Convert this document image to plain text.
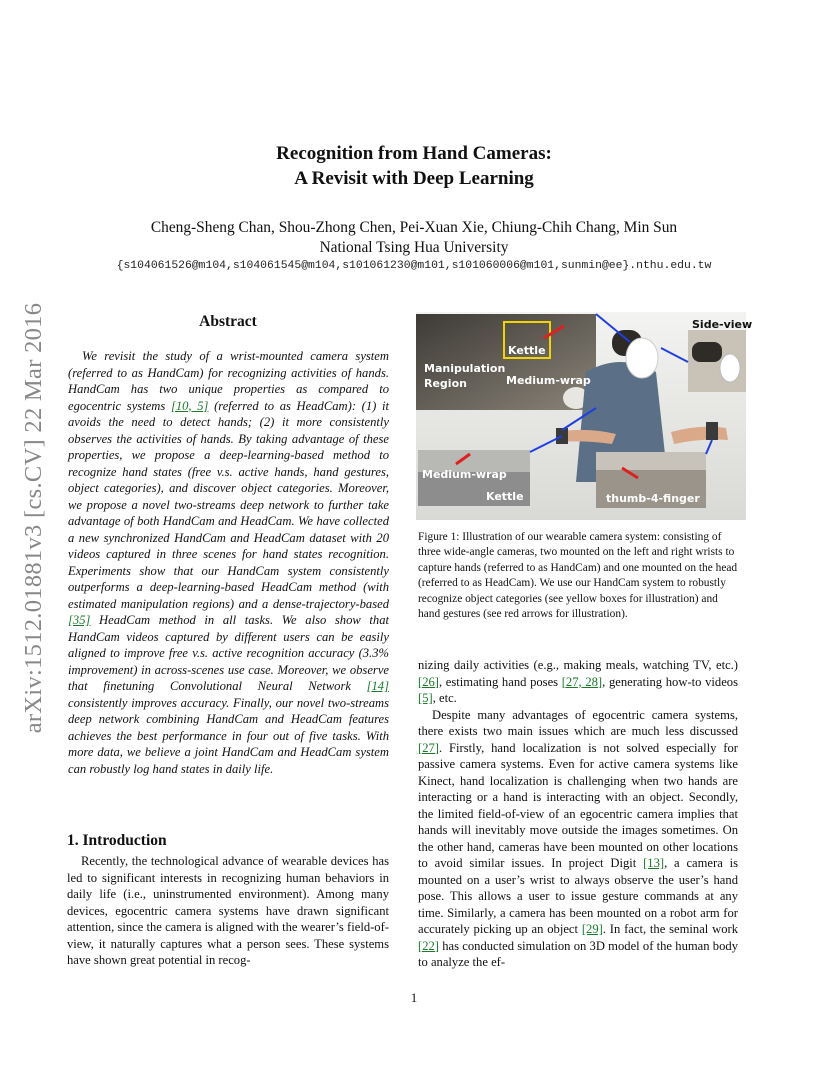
arXiv:1512.01881v3 [cs.CV] 22 Mar 2016
Recognition from Hand Cameras:
A Revisit with Deep Learning
Cheng-Sheng Chan, Shou-Zhong Chen, Pei-Xuan Xie, Chiung-Chih Chang, Min Sun
National Tsing Hua University
{s104061526@m104,s104061545@m104,s101061230@m101,s101060006@m101,sunmin@ee}.nthu.edu.tw
Abstract
We revisit the study of a wrist-mounted camera system (referred to as HandCam) for recognizing activities of hands. HandCam has two unique properties as compared to egocentric systems [10, 5] (referred to as HeadCam): (1) it avoids the need to detect hands; (2) it more consistently observes the activities of hands. By taking advantage of these properties, we propose a deep-learning-based method to recognize hand states (free v.s. active hands, hand gestures, object categories), and discover object categories. Moreover, we propose a novel two-streams deep network to further take advantage of both HandCam and HeadCam. We have collected a new synchronized HandCam and HeadCam dataset with 20 videos captured in three scenes for hand states recognition. Experiments show that our HandCam system consistently outperforms a deep-learning-based HeadCam method (with estimated manipulation regions) and a dense-trajectory-based [35] HeadCam method in all tasks. We also show that HandCam videos captured by different users can be easily aligned to improve free v.s. active recognition accuracy (3.3% improvement) in across-scenes use case. Moreover, we observe that finetuning Convolutional Neural Network [14] consistently improves accuracy. Finally, our novel two-streams deep network combining HandCam and HeadCam features achieves the best performance in four out of five tasks. With more data, we believe a joint HandCam and HeadCam system can robustly log hand states in daily life.
1. Introduction
Recently, the technological advance of wearable devices has led to significant interests in recognizing human behaviors in daily life (i.e., uninstrumented environment). Among many devices, egocentric camera systems have drawn significant attention, since the camera is aligned with the wearer’s field-of-view, it naturally captures what a person sees. These systems have shown great potential in recog-
Side-view
Kettle
Manipulation
Region	Medium-wrap
Medium-wrap
Kettle	thumb-4-finger
Figure 1: Illustration of our wearable camera system: consisting of three wide-angle cameras, two mounted on the left and right wrists to capture hands (referred to as HandCam) and one mounted on the head (referred to as HeadCam). We use our HandCam system to robustly recognize object categories (see yellow boxes for illustration) and hand gestures (see red arrows for illustration).

nizing daily activities (e.g., making meals, watching TV, etc.) [26], estimating hand poses [27, 28], generating how-to videos [5], etc.

Despite many advantages of egocentric camera systems, there exists two main issues which are much less discussed [27]. Firstly, hand localization is not solved especially for passive camera systems. Even for active camera systems like Kinect, hand localization is challenging when two hands are interacting or a hand is interacting with an object. Secondly, the limited field-of-view of an egocentric camera implies that hands will inevitably move outside the images sometimes. On the other hand, cameras have been mounted on other locations to avoid similar issues. In project Digit [13], a camera is mounted on a user’s wrist to always observe the user’s hand pose. This allows a user to issue gesture commands at any time. Similarly, a camera has been mounted on a robot arm for accurately picking up an object [29]. In fact, the seminal work [22] has conducted simulation on 3D model of the human body to analyze the ef-

1
